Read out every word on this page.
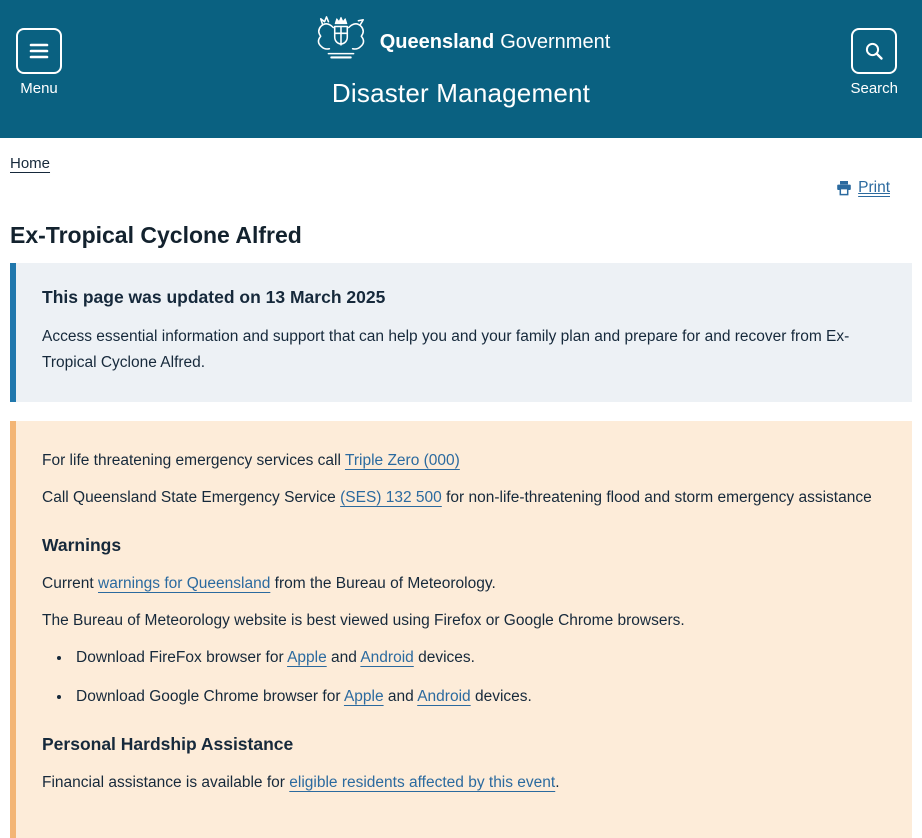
Menu
Queensland Government
Disaster Management	Search
Home
Print
Ex-Tropical Cyclone Alfred
This page was updated on 13 March 2025

Access essential information and support that can help you and your family plan and prepare for and recover from Ex-Tropical Cyclone Alfred.

For life threatening emergency services call Triple Zero (000)

Call Queensland State Emergency Service (SES) 132 500 for non-life-threatening flood and storm emergency assistance

Warnings

Current warnings for Queensland from the Bureau of Meteorology.

The Bureau of Meteorology website is best viewed using Firefox or Google Chrome browsers.

• Download FireFox browser for Apple and Android devices.
• Download Google Chrome browser for Apple and Android devices.
Personal Hardship Assistance

Financial assistance is available for eligible residents affected by this event.
